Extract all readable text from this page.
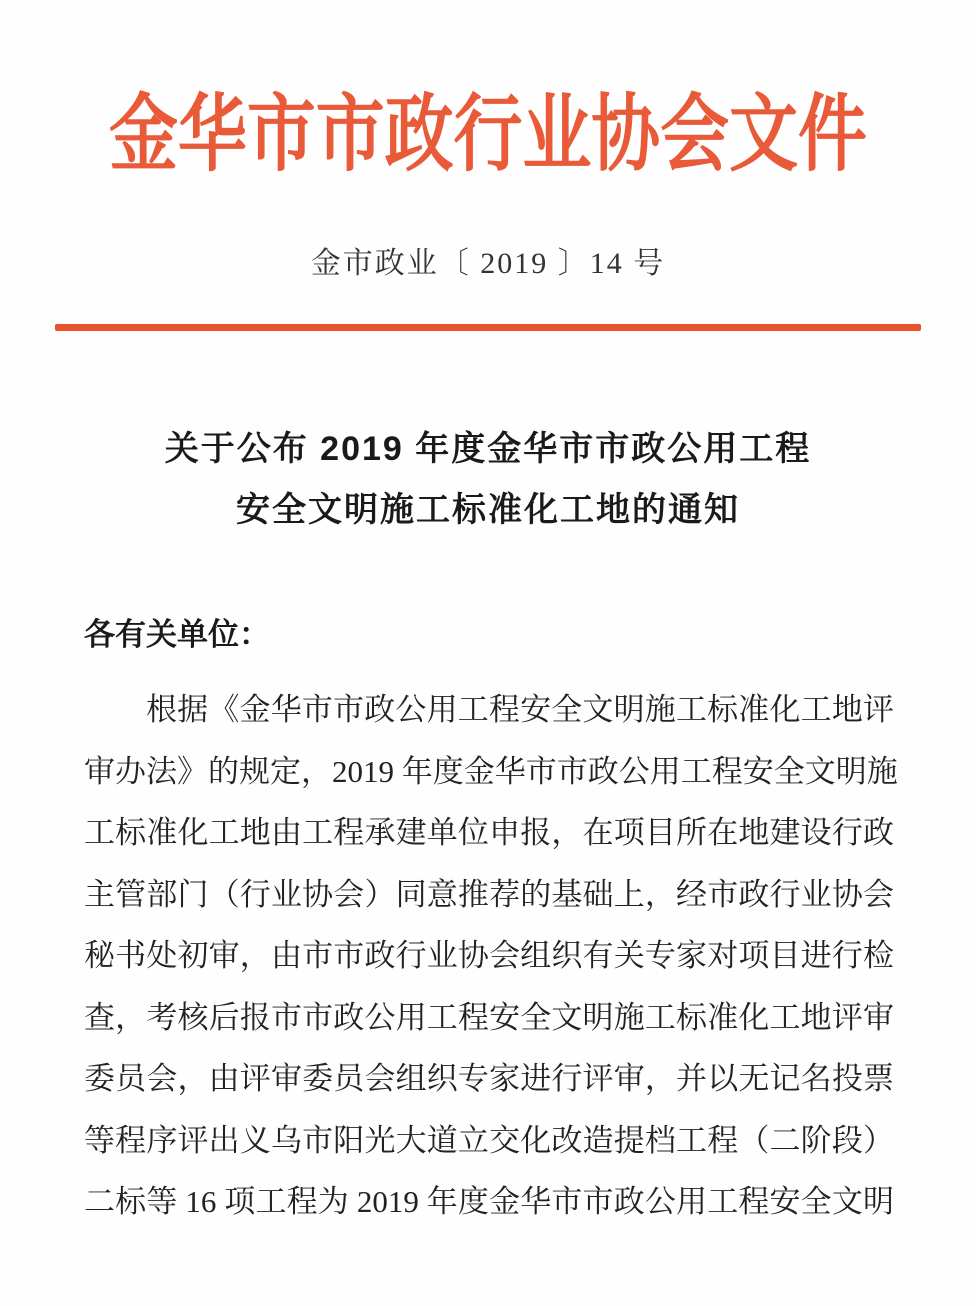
金华市市政行业协会文件
金市政业〔 2019 〕14 号
关于公布 2019 年度金华市市政公用工程
安全文明施工标准化工地的通知
各有关单位：
根据《金华市市政公用工程安全文明施工标准化工地评
审办法》的规定，2019 年度金华市市政公用工程安全文明施
工标准化工地由工程承建单位申报，在项目所在地建设行政
主管部门（行业协会）同意推荐的基础上，经市政行业协会
秘书处初审，由市市政行业协会组织有关专家对项目进行检
查，考核后报市市政公用工程安全文明施工标准化工地评审
委员会，由评审委员会组织专家进行评审，并以无记名投票
等程序评出义乌市阳光大道立交化改造提档工程（二阶段）
二标等 16 项工程为 2019 年度金华市市政公用工程安全文明
